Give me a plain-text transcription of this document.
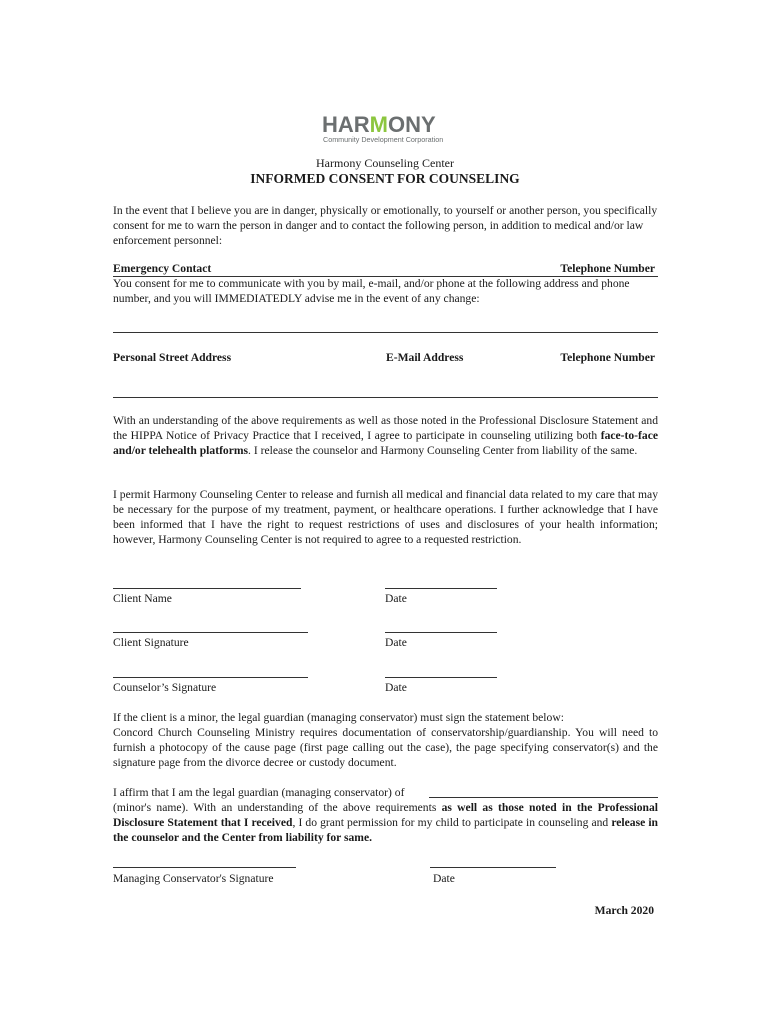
HARMONY
Community Development Corporation
Harmony Counseling Center
INFORMED CONSENT FOR COUNSELING
In the event that I believe you are in danger, physically or emotionally, to yourself or another person, you specifically consent for me to warn the person in danger and to contact the following person, in addition to medical and/or law enforcement personnel:
Emergency Contact	Telephone Number
You consent for me to communicate with you by mail, e-mail, and/or phone at the following address and phone number, and you will IMMEDIATEDLY advise me in the event of any change:
Personal Street Address	E-Mail Address	Telephone Number
With an understanding of the above requirements as well as those noted in the Professional Disclosure Statement and the HIPPA Notice of Privacy Practice that I received, I agree to participate in counseling utilizing both face-to-face and/or telehealth platforms. I release the counselor and Harmony Counseling Center from liability of the same.
I permit Harmony Counseling Center to release and furnish all medical and financial data related to my care that may be necessary for the purpose of my treatment, payment, or healthcare operations. I further acknowledge that I have been informed that I have the right to request restrictions of uses and disclosures of your health information; however, Harmony Counseling Center is not required to agree to a requested restriction.
Client Name	Date
Client Signature	Date
Counselor’s Signature	Date
If the client is a minor, the legal guardian (managing conservator) must sign the statement below:
Concord Church Counseling Ministry requires documentation of conservatorship/guardianship. You will need to furnish a photocopy of the cause page (first page calling out the case), the page specifying conservator(s) and the signature page from the divorce decree or custody document.
I affirm that I am the legal guardian (managing conservator) of

(minor's name). With an understanding of the above requirements as well as those noted in the Professional Disclosure Statement that I received, I do grant permission for my child to participate in counseling and release in the counselor and the Center from liability for same.
Managing Conservator's Signature	Date
March 2020
